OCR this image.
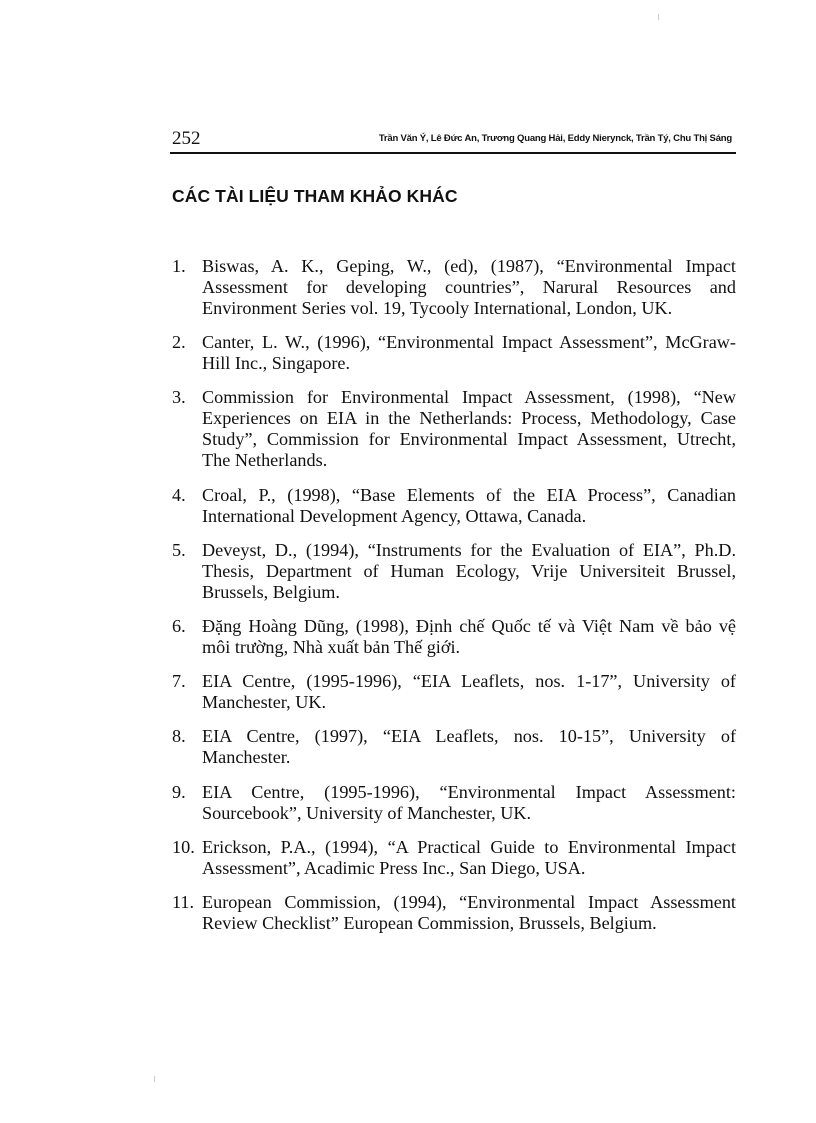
252	Trần Văn Ý, Lê Đức An, Trương Quang Hải, Eddy Nierynck, Trần Tý, Chu Thị Sáng
CÁC TÀI LIỆU THAM KHẢO KHÁC
1. Biswas, A. K., Geping, W., (ed), (1987), “Environmental Impact Assessment for developing countries”, Narural Resources and Environment Series vol. 19, Tycooly International, London, UK.
2. Canter, L. W., (1996), “Environmental Impact Assessment”, McGraw-Hill Inc., Singapore.
3. Commission for Environmental Impact Assessment, (1998), “New Experiences on EIA in the Netherlands: Process, Methodology, Case Study”, Commission for Environmental Impact Assessment, Utrecht, The Netherlands.
4. Croal, P., (1998), “Base Elements of the EIA Process”, Canadian International Development Agency, Ottawa, Canada.
5. Deveyst, D., (1994), “Instruments for the Evaluation of EIA”, Ph.D. Thesis, Department of Human Ecology, Vrije Universiteit Brussel, Brussels, Belgium.
6. Đặng Hoàng Dũng, (1998), Định chế Quốc tế và Việt Nam về bảo vệ môi trường, Nhà xuất bản Thế giới.
7. EIA Centre, (1995-1996), “EIA Leaflets, nos. 1-17”, University of Manchester, UK.
8. EIA Centre, (1997), “EIA Leaflets, nos. 10-15”, University of Manchester.
9. EIA Centre, (1995-1996), “Environmental Impact Assessment: Sourcebook”, University of Manchester, UK.
10. Erickson, P.A., (1994), “A Practical Guide to Environmental Impact Assessment”, Acadimic Press Inc., San Diego, USA.
11. European Commission, (1994), “Environmental Impact Assessment Review Checklist” European Commission, Brussels, Belgium.
